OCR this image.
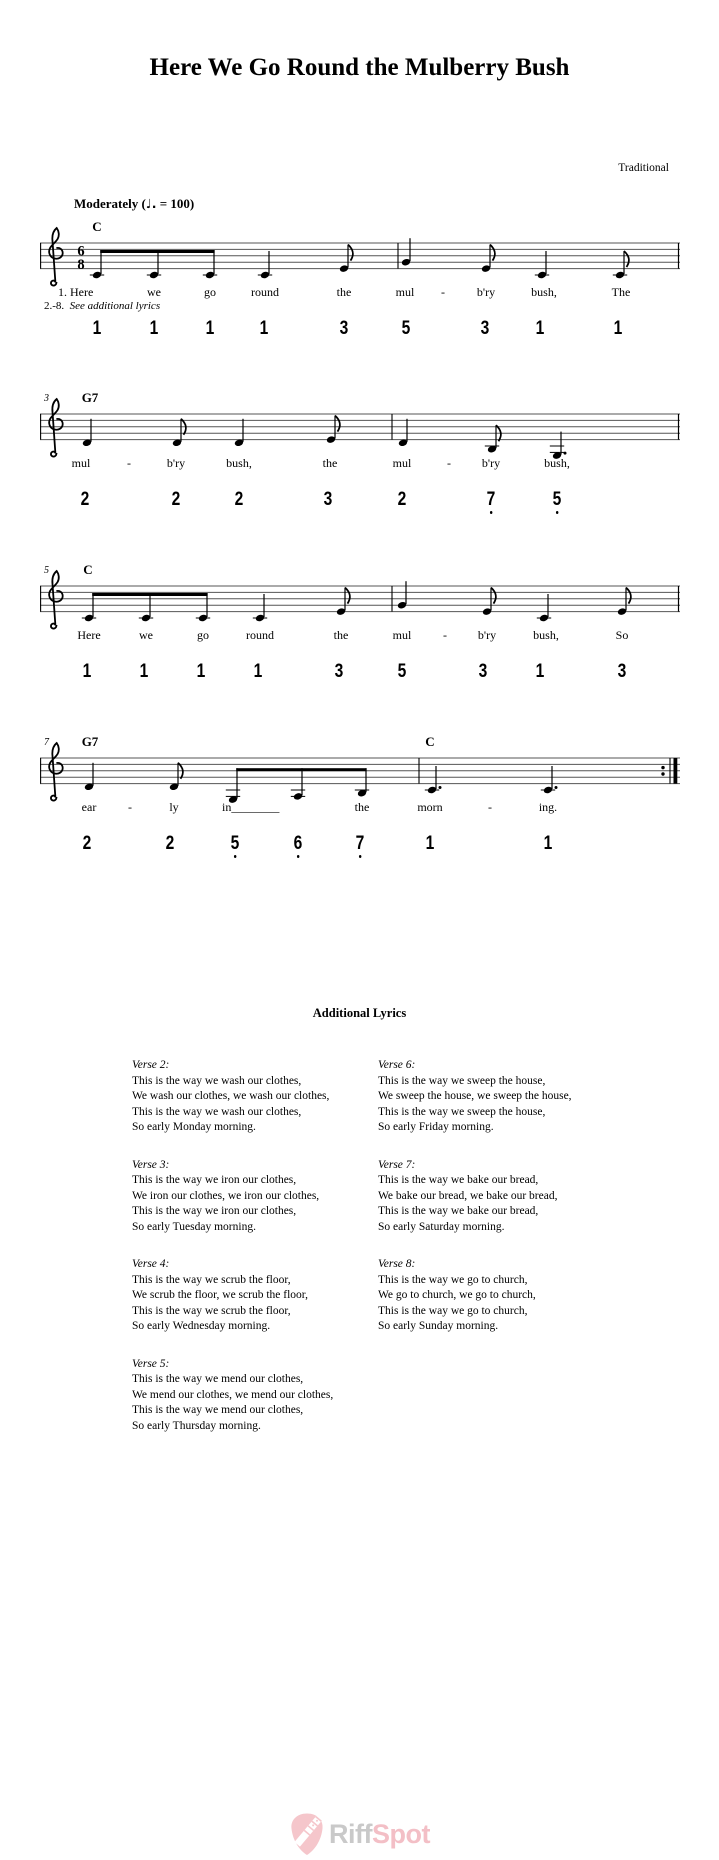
Here We Go Round the Mulberry Bush
Traditional
Moderately (♩. = 100)
6
8
C
1. Here	we	go	round	the	mul -	b'ry	bush,	The
2.-8.  See additional lyrics
1	1 1 1	3	5	3 1	1
3	G7
mul	-	b'ry	bush,	the	mul	-	b'ry	bush,
2	2	2	3	2	7	5
5	C
Here	we	go	round	the	mul	-	b'ry	bush,	So
1	1	1	1	3	5	3	1	3
7	G7	C
ear	-	ly	in________	the	morn	-	ing.
2	2	5	6	7	1	1
Additional Lyrics
Verse 2:
This is the way we wash our clothes,
We wash our clothes, we wash our clothes,
This is the way we wash our clothes,
So early Monday morning.
Verse 3:
This is the way we iron our clothes,
We iron our clothes, we iron our clothes,
This is the way we iron our clothes,
So early Tuesday morning.
Verse 4:
This is the way we scrub the floor,
We scrub the floor, we scrub the floor,
This is the way we scrub the floor,
So early Wednesday morning.
Verse 5:
This is the way we mend our clothes,
We mend our clothes, we mend our clothes,
This is the way we mend our clothes,
So early Thursday morning.
Verse 6:
This is the way we sweep the house,
We sweep the house, we sweep the house,
This is the way we sweep the house,
So early Friday morning.
Verse 7:
This is the way we bake our bread,
We bake our bread, we bake our bread,
This is the way we bake our bread,
So early Saturday morning.
Verse 8:
This is the way we go to church,
We go to church, we go to church,
This is the way we go to church,
So early Sunday morning.
RiffSpot
